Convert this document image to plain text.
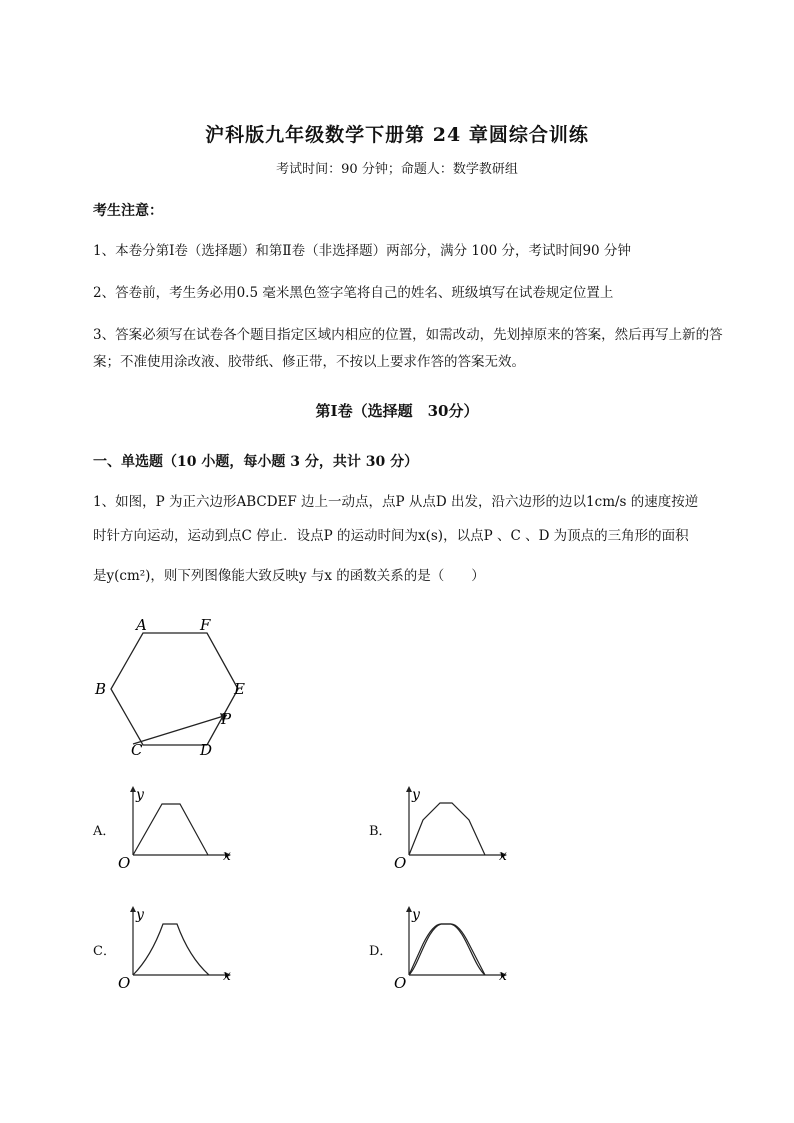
沪科版九年级数学下册第 24 章圆综合训练
考试时间：90 分钟；命题人：数学教研组
考生注意：
1、本卷分第Ⅰ卷（选择题）和第Ⅱ卷（非选择题）两部分，满分 100 分，考试时间90 分钟
2、答卷前，考生务必用0.5 毫米黑色签字笔将自己的姓名、班级填写在试卷规定位置上
3、答案必须写在试卷各个题目指定区域内相应的位置，如需改动，先划掉原来的答案，然后再写上新的答案；不准使用涂改液、胶带纸、修正带，不按以上要求作答的答案无效。
第Ⅰ卷（选择题　30分）
一、单选题（10 小题，每小题 3 分，共计 30 分）
1、如图，P 为正六边形ABCDEF 边上一动点，点P 从点D 出发，沿六边形的边以1cm/s 的速度按逆
时针方向运动，运动到点C 停止．设点P 的运动时间为x(s)，以点P 、C 、D 为顶点的三角形的面积
是y(cm²)，则下列图像能大致反映y 与x 的函数关系的是（　　）
A	F
B	E
P
C	D
A．
y
x
O
B．
y
x
O
C．
y
x
O
D．
y
x
O
